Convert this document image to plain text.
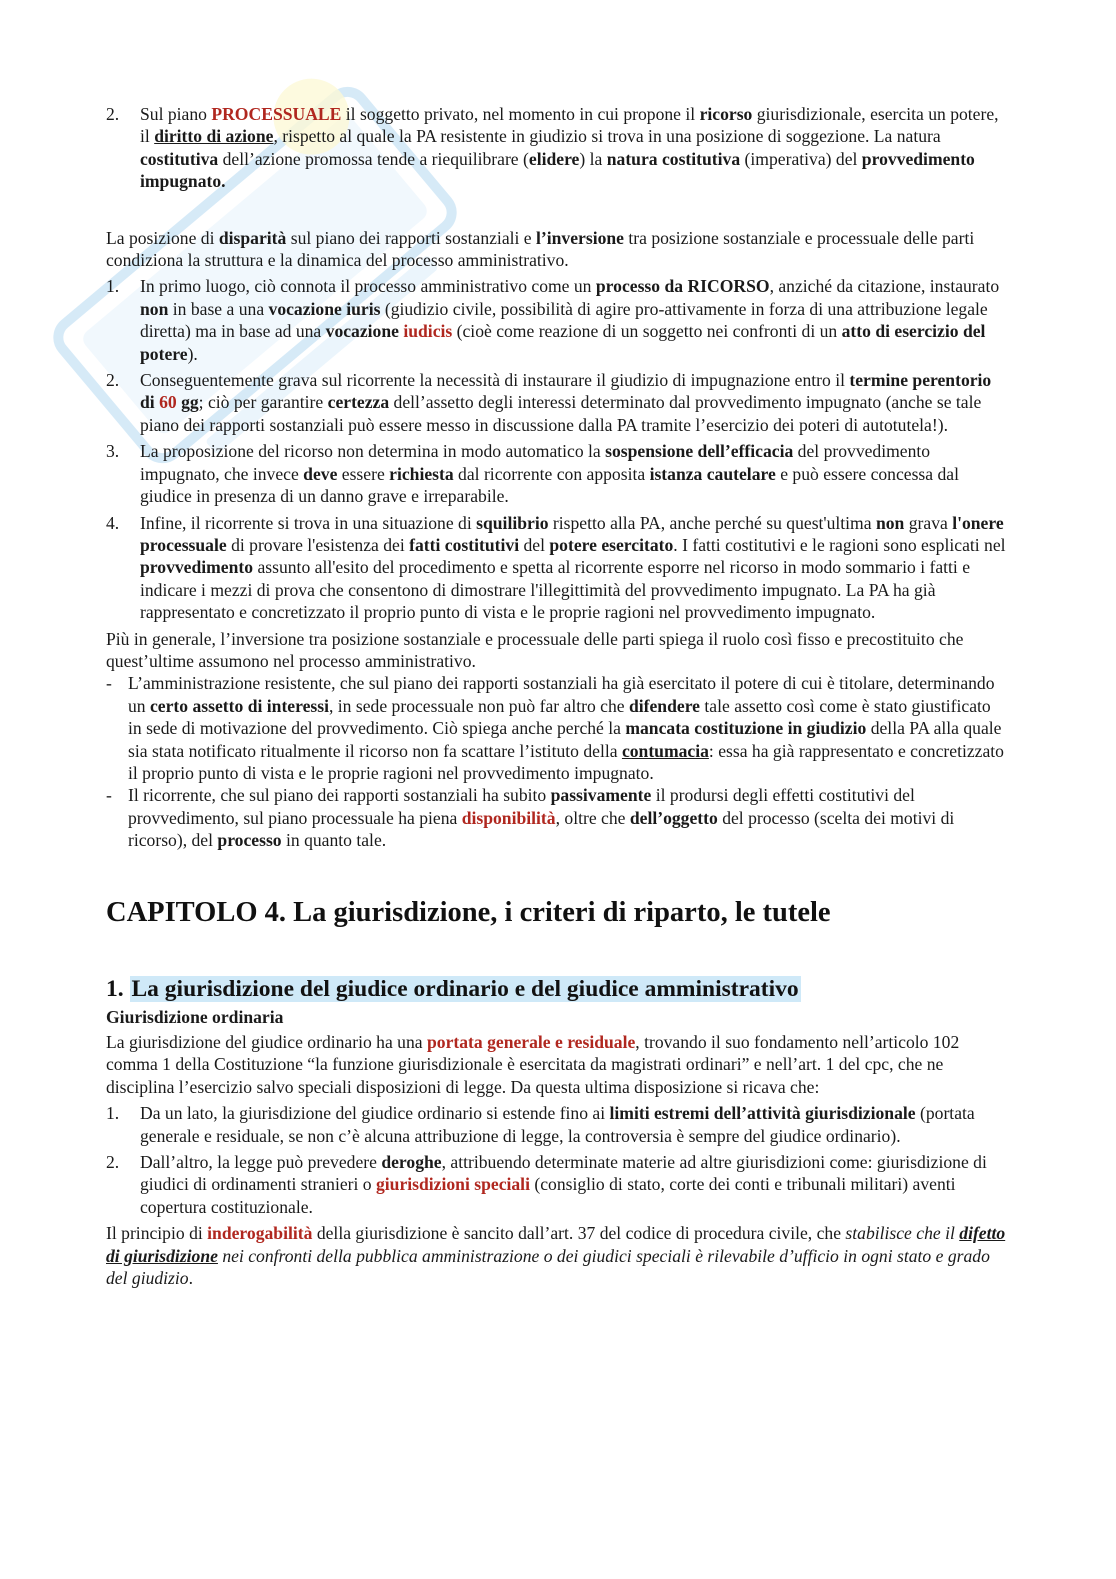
2. Sul piano PROCESSUALE il soggetto privato, nel momento in cui propone il ricorso giurisdizionale, esercita un potere, il diritto di azione, rispetto al quale la PA resistente in giudizio si trova in una posizione di soggezione. La natura costitutiva dell’azione promossa tende a riequilibrare (elidere) la natura costitutiva (imperativa) del provvedimento impugnato.

La posizione di disparità sul piano dei rapporti sostanziali e l’inversione tra posizione sostanziale e processuale delle parti condiziona la struttura e la dinamica del processo amministrativo.

1. In primo luogo, ciò connota il processo amministrativo come un processo da RICORSO, anziché da citazione, instaurato non in base a una vocazione iuris (giudizio civile, possibilità di agire pro-attivamente in forza di una attribuzione legale diretta) ma in base ad una vocazione iudicis (cioè come reazione di un soggetto nei confronti di un atto di esercizio del potere).

2. Conseguentemente grava sul ricorrente la necessità di instaurare il giudizio di impugnazione entro il termine perentorio di 60 gg; ciò per garantire certezza dell’assetto degli interessi determinato dal provvedimento impugnato (anche se tale piano dei rapporti sostanziali può essere messo in discussione dalla PA tramite l’esercizio dei poteri di autotutela!).

3. La proposizione del ricorso non determina in modo automatico la sospensione dell’efficacia del provvedimento impugnato, che invece deve essere richiesta dal ricorrente con apposita istanza cautelare e può essere concessa dal giudice in presenza di un danno grave e irreparabile.

4. Infine, il ricorrente si trova in una situazione di squilibrio rispetto alla PA, anche perché su quest'ultima non grava l'onere processuale di provare l'esistenza dei fatti costitutivi del potere esercitato. I fatti costitutivi e le ragioni sono esplicati nel provvedimento assunto all'esito del procedimento e spetta al ricorrente esporre nel ricorso in modo sommario i fatti e indicare i mezzi di prova che consentono di dimostrare l'illegittimità del provvedimento impugnato. La PA ha già rappresentato e concretizzato il proprio punto di vista e le proprie ragioni nel provvedimento impugnato.

Più in generale, l’inversione tra posizione sostanziale e processuale delle parti spiega il ruolo così fisso e precostituito che quest’ultime assumono nel processo amministrativo.

- L’amministrazione resistente, che sul piano dei rapporti sostanziali ha già esercitato il potere di cui è titolare, determinando un certo assetto di interessi, in sede processuale non può far altro che difendere tale assetto così come è stato giustificato in sede di motivazione del provvedimento. Ciò spiega anche perché la mancata costituzione in giudizio della PA alla quale sia stata notificato ritualmente il ricorso non fa scattare l’istituto della contumacia: essa ha già rappresentato e concretizzato il proprio punto di vista e le proprie ragioni nel provvedimento impugnato.

- Il ricorrente, che sul piano dei rapporti sostanziali ha subito passivamente il prodursi degli effetti costitutivi del provvedimento, sul piano processuale ha piena disponibilità, oltre che dell’oggetto del processo (scelta dei motivi di ricorso), del processo in quanto tale.

CAPITOLO 4. La giurisdizione, i criteri di riparto, le tutele
1. La giurisdizione del giudice ordinario e del giudice amministrativo
Giurisdizione ordinaria

La giurisdizione del giudice ordinario ha una portata generale e residuale, trovando il suo fondamento nell’articolo 102 comma 1 della Costituzione “la funzione giurisdizionale è esercitata da magistrati ordinari” e nell’art. 1 del cpc, che ne disciplina l’esercizio salvo speciali disposizioni di legge. Da questa ultima disposizione si ricava che:

1. Da un lato, la giurisdizione del giudice ordinario si estende fino ai limiti estremi dell’attività giurisdizionale (portata generale e residuale, se non c’è alcuna attribuzione di legge, la controversia è sempre del giudice ordinario).

2. Dall’altro, la legge può prevedere deroghe, attribuendo determinate materie ad altre giurisdizioni come: giurisdizione di giudici di ordinamenti stranieri o giurisdizioni speciali (consiglio di stato, corte dei conti e tribunali militari) aventi copertura costituzionale.

Il principio di inderogabilità della giurisdizione è sancito dall’art. 37 del codice di procedura civile, che stabilisce che il difetto di giurisdizione nei confronti della pubblica amministrazione o dei giudici speciali è rilevabile d’ufficio in ogni stato e grado del giudizio.
